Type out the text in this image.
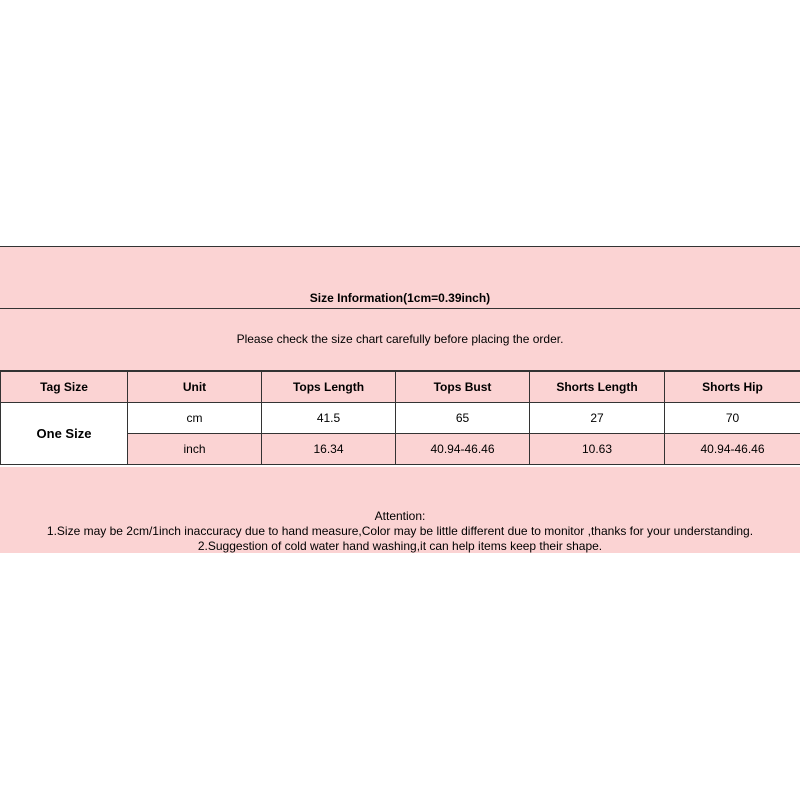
Size Information(1cm=0.39inch)
Please check the size chart carefully before placing the order.
Tag Size	Unit	Tops Length	Tops Bust	Shorts Length	Shorts Hip
One Size	cm	41.5	65	27	70
	inch	16.34	40.94-46.46	10.63	40.94-46.46
Attention:
1.Size may be 2cm/1inch inaccuracy due to hand measure,Color may be little different due to monitor ,thanks for your understanding.
2.Suggestion of cold water hand washing,it can help items keep their shape.
